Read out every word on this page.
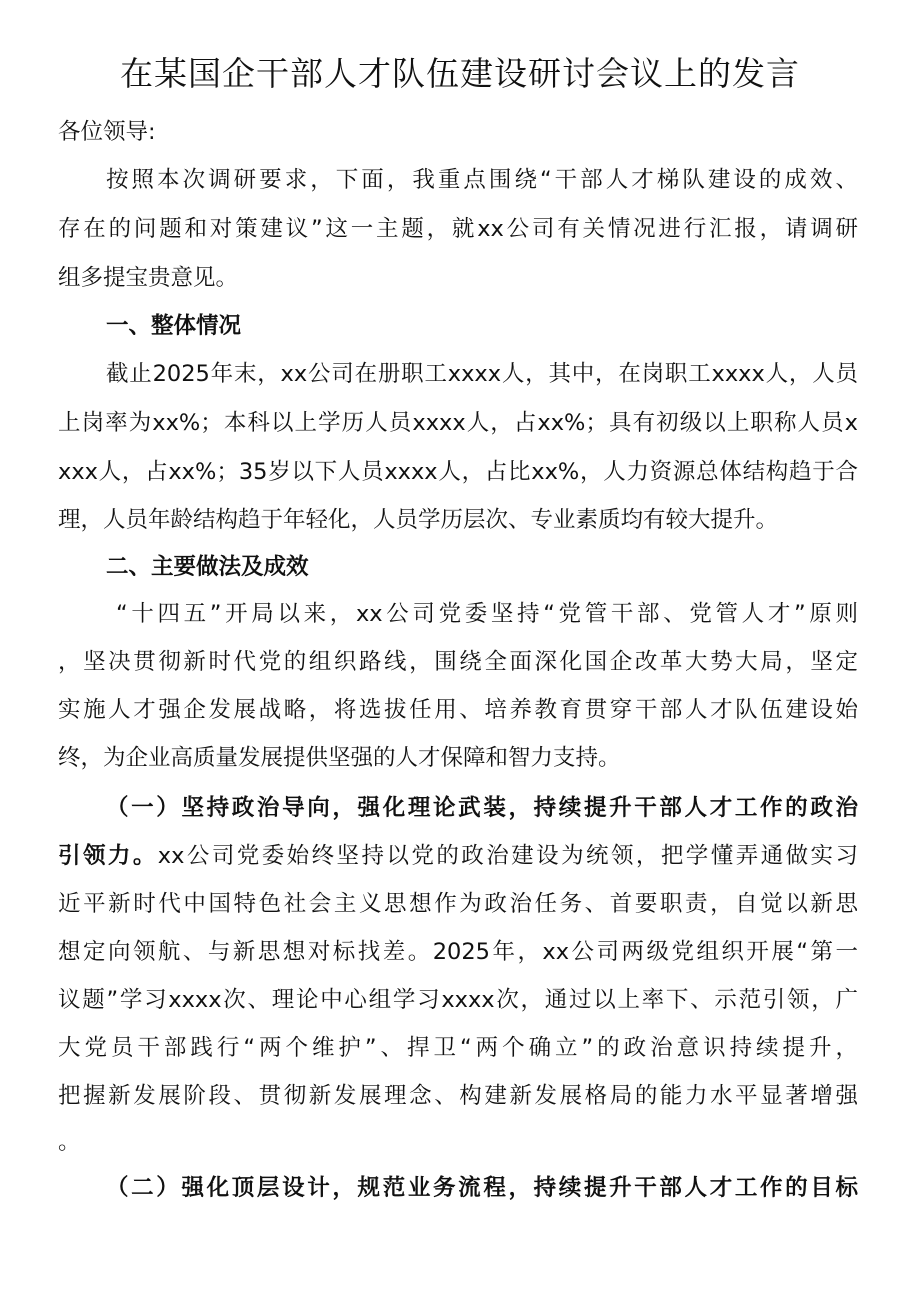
在某国企干部人才队伍建设研讨会议上的发言
各位领导:
按照本次调研要求，下面，我重点围绕“干部人才梯队建设的成效、
存在的问题和对策建议”这一主题，就xx公司有关情况进行汇报，请调研
组多提宝贵意见。
一、整体情况
截止2025年末，xx公司在册职工xxxx人，其中，在岗职工xxxx人，人员
上岗率为xx%；本科以上学历人员xxxx人，占xx%；具有初级以上职称人员x
xxx人，占xx%；35岁以下人员xxxx人，占比xx%，人力资源总体结构趋于合
理，人员年龄结构趋于年轻化，人员学历层次、专业素质均有较大提升。
二、主要做法及成效
“十四五”开局以来，xx公司党委坚持“党管干部、党管人才”原则
，坚决贯彻新时代党的组织路线，围绕全面深化国企改革大势大局，坚定
实施人才强企发展战略，将选拔任用、培养教育贯穿干部人才队伍建设始
终，为企业高质量发展提供坚强的人才保障和智力支持。
（一）坚持政治导向，强化理论武装，持续提升干部人才工作的政治
引领力。xx公司党委始终坚持以党的政治建设为统领，把学懂弄通做实习
近平新时代中国特色社会主义思想作为政治任务、首要职责，自觉以新思
想定向领航、与新思想对标找差。2025年，xx公司两级党组织开展“第一
议题”学习xxxx次、理论中心组学习xxxx次，通过以上率下、示范引领，广
大党员干部践行“两个维护”、捍卫“两个确立”的政治意识持续提升，
把握新发展阶段、贯彻新发展理念、构建新发展格局的能力水平显著增强
。
（二）强化顶层设计，规范业务流程，持续提升干部人才工作的目标
